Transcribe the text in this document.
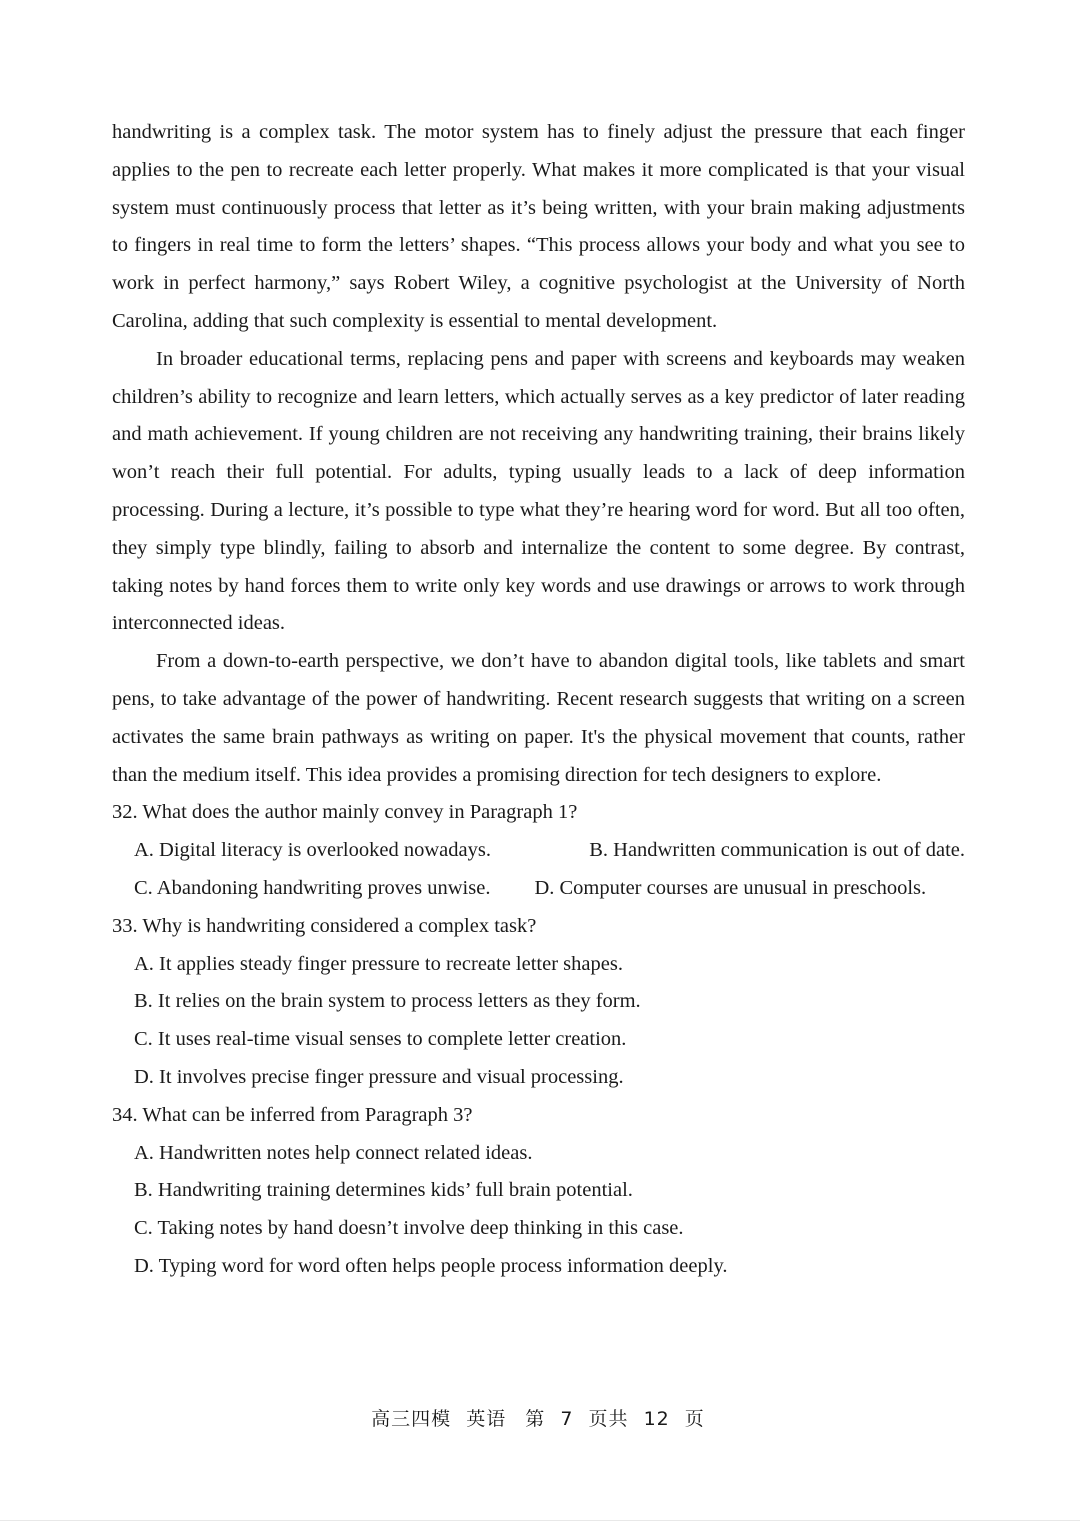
handwriting is a complex task. The motor system has to finely adjust the pressure that each finger applies to the pen to recreate each letter properly. What makes it more complicated is that your visual system must continuously process that letter as it’s being written, with your brain making adjustments to fingers in real time to form the letters’ shapes. “This process allows your body and what you see to work in perfect harmony,” says Robert Wiley, a cognitive psychologist at the University of North Carolina, adding that such complexity is essential to mental development.

In broader educational terms, replacing pens and paper with screens and keyboards may weaken children’s ability to recognize and learn letters, which actually serves as a key predictor of later reading and math achievement. If young children are not receiving any handwriting training, their brains likely won’t reach their full potential. For adults, typing usually leads to a lack of deep information processing. During a lecture, it’s possible to type what they’re hearing word for word. But all too often, they simply type blindly, failing to absorb and internalize the content to some degree. By contrast, taking notes by hand forces them to write only key words and use drawings or arrows to work through interconnected ideas.

From a down-to-earth perspective, we don’t have to abandon digital tools, like tablets and smart pens, to take advantage of the power of handwriting. Recent research suggests that writing on a screen activates the same brain pathways as writing on paper. It's the physical movement that counts, rather than the medium itself. This idea provides a promising direction for tech designers to explore.

32. What does the author mainly convey in Paragraph 1?

A. Digital literacy is overlooked nowadays.	B. Handwritten communication is out of date.

C. Abandoning handwriting proves unwise. D. Computer courses are unusual in preschools.

33. Why is handwriting considered a complex task?

A. It applies steady finger pressure to recreate letter shapes.

B. It relies on the brain system to process letters as they form.

C. It uses real-time visual senses to complete letter creation.

D. It involves precise finger pressure and visual processing.

34. What can be inferred from Paragraph 3?

A. Handwritten notes help connect related ideas.

B. Handwriting training determines kids’ full brain potential.

C. Taking notes by hand doesn’t involve deep thinking in this case.

D. Typing word for word often helps people process information deeply.

高三四模 英语 第 7 页共 12 页
